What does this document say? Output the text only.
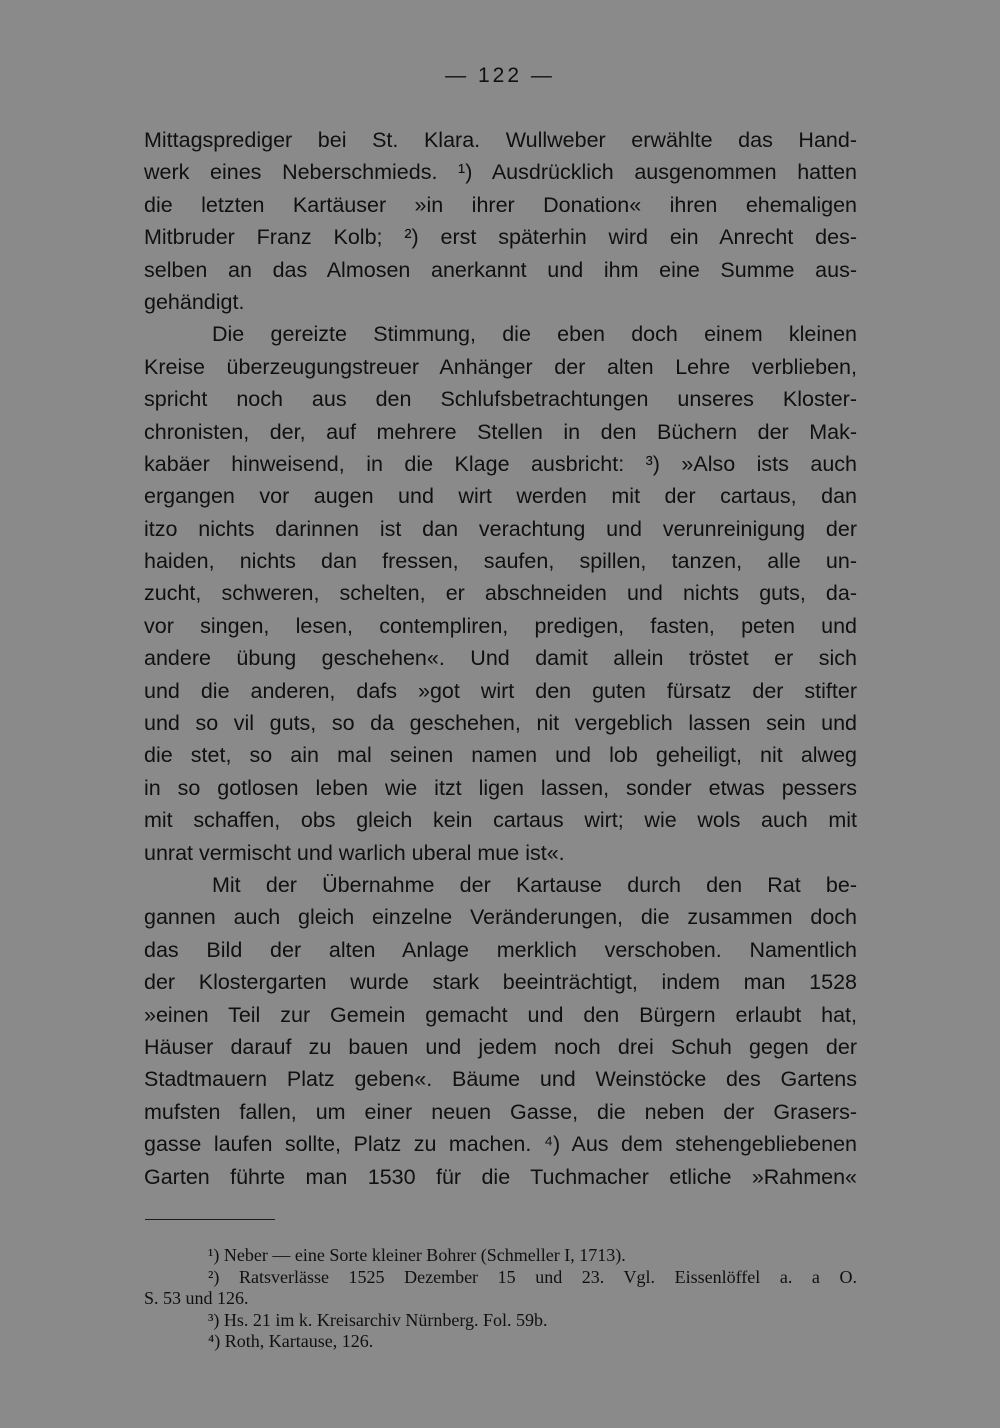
— 122 —
Mittagsprediger bei St. Klara. Wullweber erwählte das Hand-
werk eines Neberschmieds. ¹) Ausdrücklich ausgenommen hatten
die letzten Kartäuser »in ihrer Donation« ihren ehemaligen
Mitbruder Franz Kolb; ²) erst späterhin wird ein Anrecht des-
selben an das Almosen anerkannt und ihm eine Summe aus-
gehändigt.
Die gereizte Stimmung, die eben doch einem kleinen
Kreise überzeugungstreuer Anhänger der alten Lehre verblieben,
spricht noch aus den Schlufsbetrachtungen unseres Kloster-
chronisten, der, auf mehrere Stellen in den Büchern der Mak-
kabäer hinweisend, in die Klage ausbricht: ³) »Also ists auch
ergangen vor augen und wirt werden mit der cartaus, dan
itzo nichts darinnen ist dan verachtung und verunreinigung der
haiden, nichts dan fressen, saufen, spillen, tanzen, alle un-
zucht, schweren, schelten, er abschneiden und nichts guts, da-
vor singen, lesen, contempliren, predigen, fasten, peten und
andere übung geschehen«. Und damit allein tröstet er sich
und die anderen, dafs »got wirt den guten fürsatz der stifter
und so vil guts, so da geschehen, nit vergeblich lassen sein und
die stet, so ain mal seinen namen und lob geheiligt, nit alweg
in so gotlosen leben wie itzt ligen lassen, sonder etwas pessers
mit schaffen, obs gleich kein cartaus wirt; wie wols auch mit
unrat vermischt und warlich uberal mue ist«.
Mit der Übernahme der Kartause durch den Rat be-
gannen auch gleich einzelne Veränderungen, die zusammen doch
das Bild der alten Anlage merklich verschoben. Namentlich
der Klostergarten wurde stark beeinträchtigt, indem man 1528
»einen Teil zur Gemein gemacht und den Bürgern erlaubt hat,
Häuser darauf zu bauen und jedem noch drei Schuh gegen der
Stadtmauern Platz geben«. Bäume und Weinstöcke des Gartens
mufsten fallen, um einer neuen Gasse, die neben der Grasers-
gasse laufen sollte, Platz zu machen. ⁴) Aus dem stehengebliebenen
Garten führte man 1530 für die Tuchmacher etliche »Rahmen«
¹) Neber — eine Sorte kleiner Bohrer (Schmeller I, 1713).
²) Ratsverlässe 1525 Dezember 15 und 23. Vgl. Eissenlöffel a. a O.
S. 53 und 126.
³) Hs. 21 im k. Kreisarchiv Nürnberg. Fol. 59b.
⁴) Roth, Kartause, 126.
